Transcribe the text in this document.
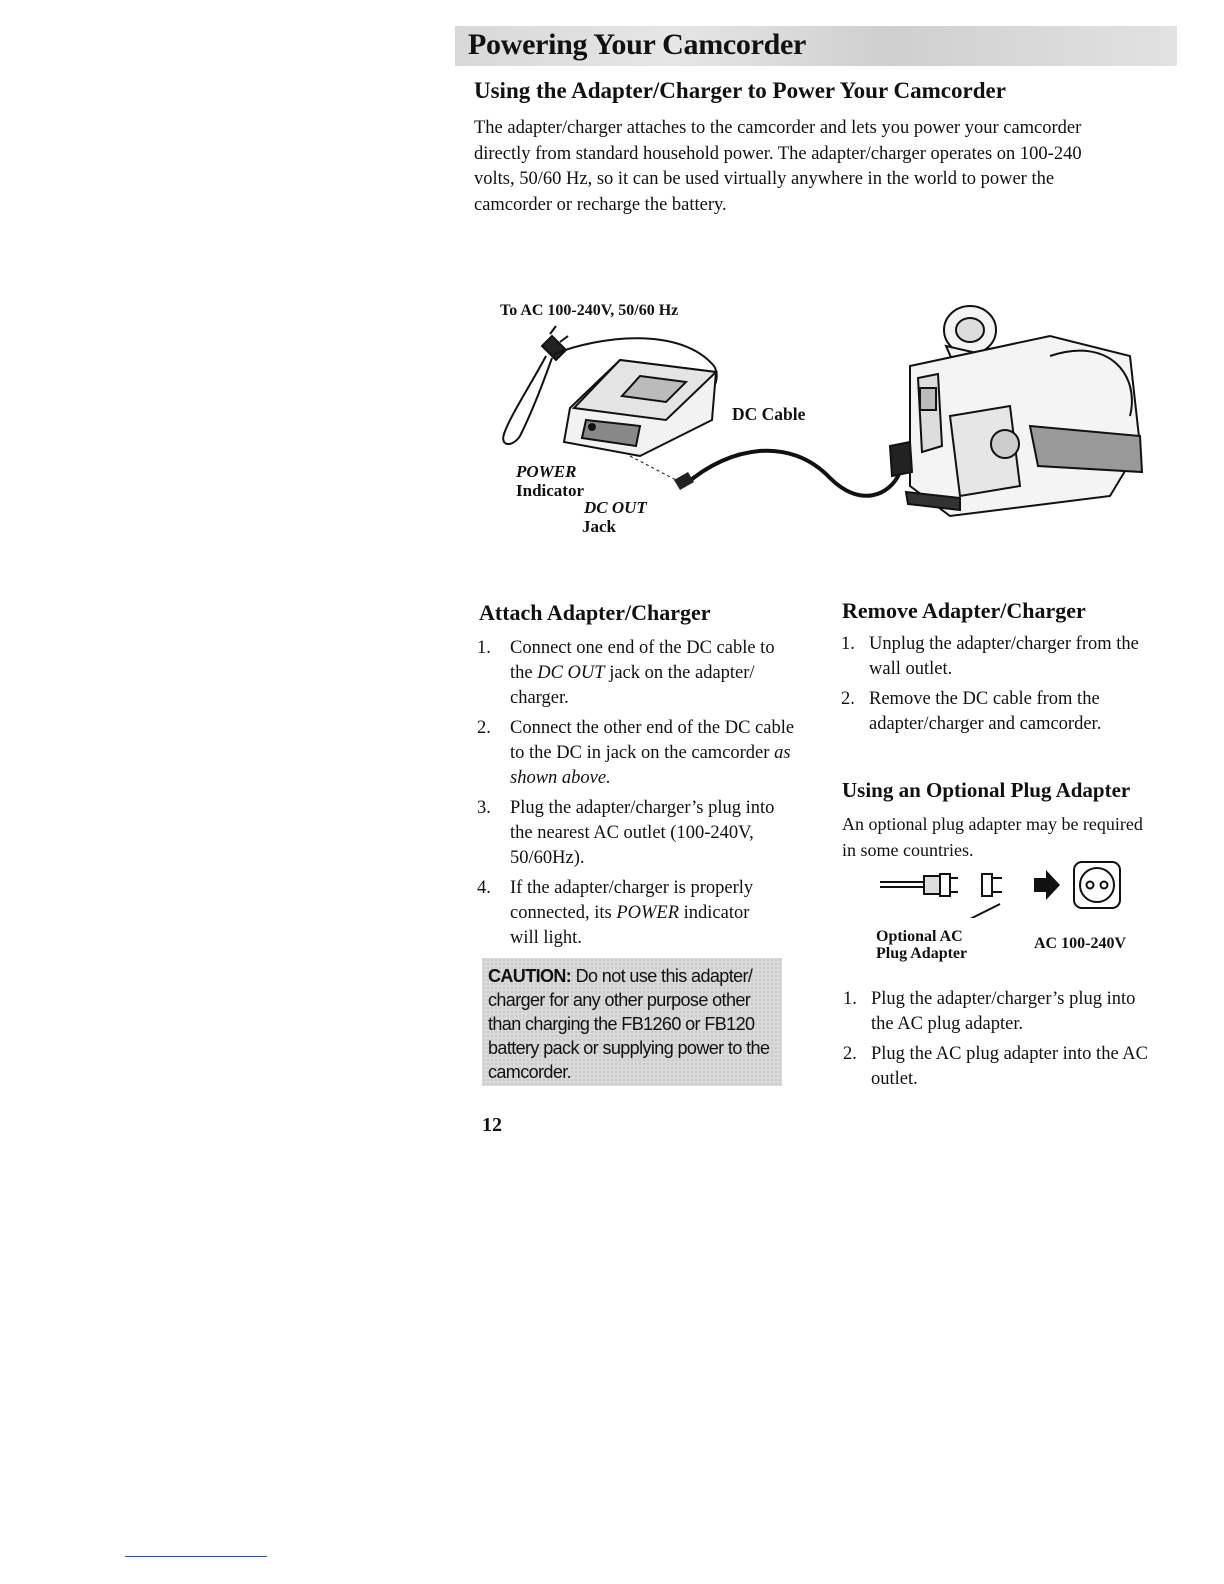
Powering Your Camcorder
Using the Adapter/Charger to Power Your Camcorder
The adapter/charger attaches to the camcorder and lets you power your camcorder
directly from standard household power. The adapter/charger operates on 100-240
volts, 50/60 Hz, so it can be used virtually anywhere in the world to power the
camcorder or recharge the battery.
To AC 100-240V, 50/60 Hz
DC Cable
POWER
Indicator
DC OUT
Jack
Attach Adapter/Charger
1. Connect one end of the DC cable to
the DC OUT jack on the adapter/
charger.
2. Connect the other end of the DC cable
to the DC in jack on the camcorder as
shown above.
3. Plug the adapter/charger’s plug into
the nearest AC outlet (100-240V,
50/60Hz).
4. If the adapter/charger is properly
connected, its POWER indicator
will light.
CAUTION: Do not use this adapter/
charger for any other purpose other
than charging the FB1260 or FB120
battery pack or supplying power to the
camcorder.
Remove Adapter/Charger
1. Unplug the adapter/charger from the
wall outlet.
2. Remove the DC cable from the
adapter/charger and camcorder.
Using an Optional Plug Adapter
An optional plug adapter may be required
in some countries.
Optional AC
Plug Adapter
AC 100-240V
1. Plug the adapter/charger’s plug into
the AC plug adapter.
2. Plug the AC plug adapter into the AC
outlet.
12
